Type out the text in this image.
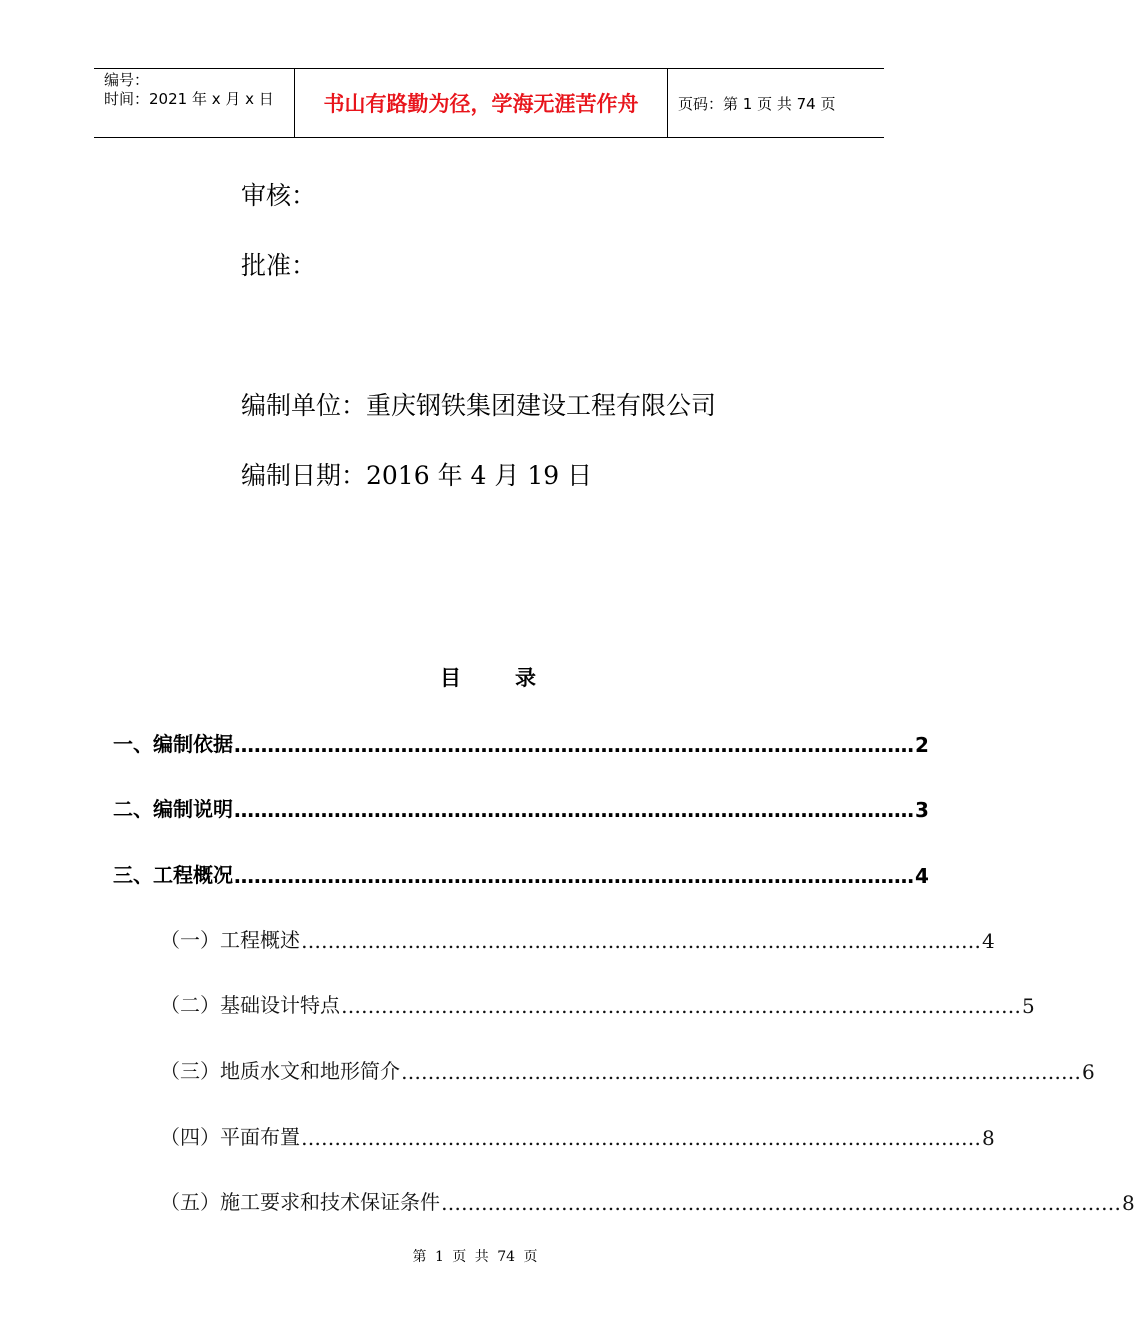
编号：
时间：2021 年 x 月 x 日	书山有路勤为径，学海无涯苦作舟	页码：第 1 页 共 74 页
审核：
批准：
编制单位：重庆钢铁集团建设工程有限公司
编制日期：2016 年 4 月 19 日
目录
一、编制依据 ………………………………………………………………………………………… 2
二、编制说明 ………………………………………………………………………………………… 3
三、工程概况 ………………………………………………………………………………………… 4
（一）工程概述 ………………………………………………………………………………………… 4
（二）基础设计特点 ………………………………………………………………………………………… 5
（三）地质水文和地形简介 ………………………………………………………………………………………… 6
（四）平面布置 ………………………………………………………………………………………… 8
（五）施工要求和技术保证条件 ………………………………………………………………………………………… 8
第 1 页 共 74 页
